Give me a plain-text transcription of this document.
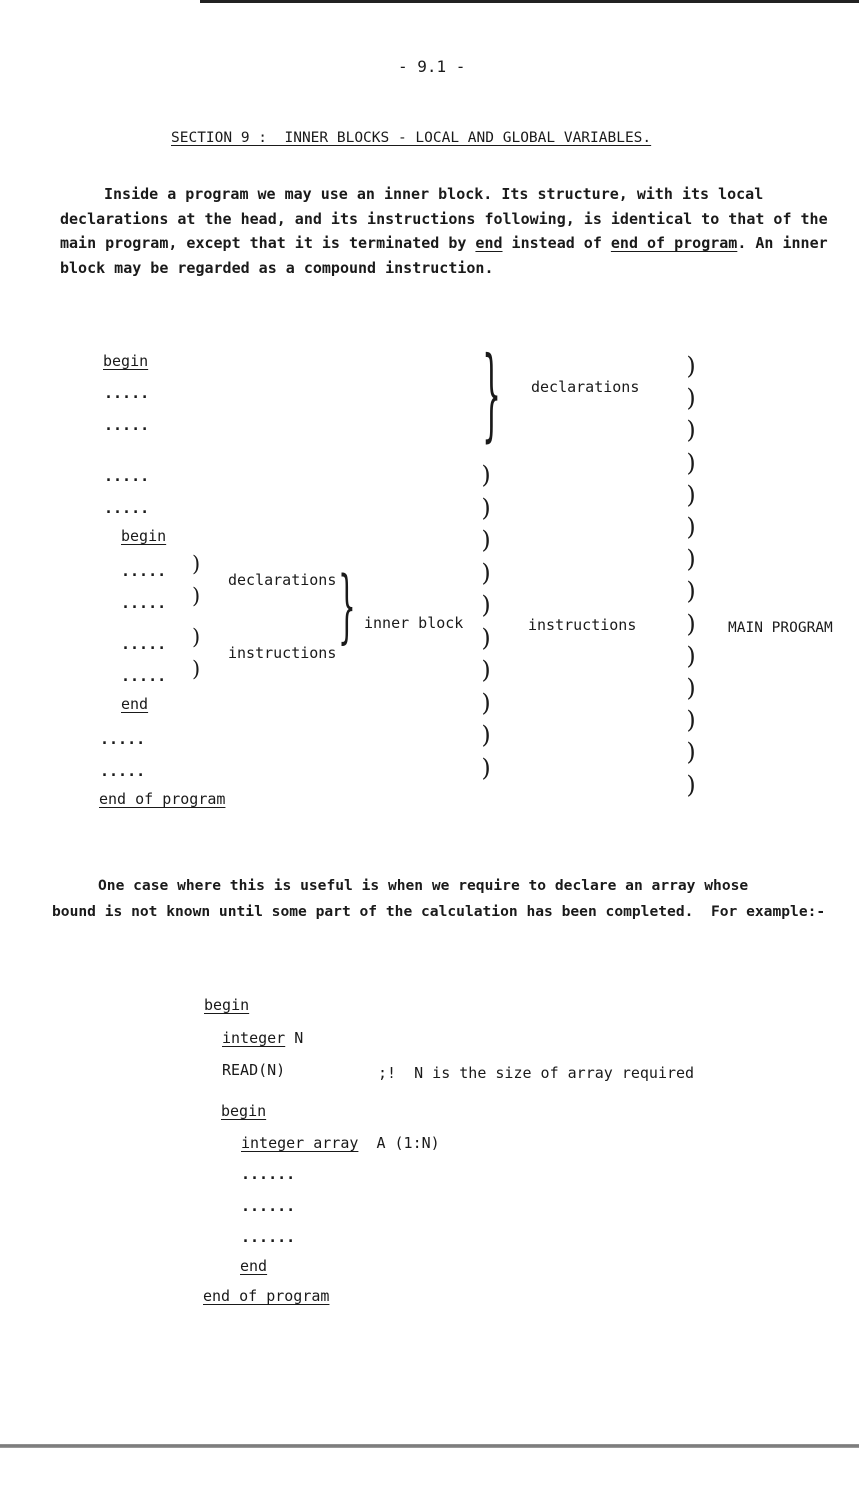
- 9.1 -
SECTION 9 :  INNER BLOCKS - LOCAL AND GLOBAL VARIABLES.
Inside a program we may use an inner block. Its structure, with its local declarations at the head, and its instructions following, is identical to that of the main program, except that it is terminated by end instead of end of program. An inner block may be regarded as a compound instruction.
begin
.....
.....
.....
.....
begin
.....
.....
.....
.....
end
.....
.....
end of program
)
)
)
)
declarations
instructions
} inner block
} declarations
)
)
)
)
)
)
)
)
)
)
instructions
)
)
)
)
)
)
)
)
)
)
)
)
)
)
MAIN PROGRAM
One case where this is useful is when we require to declare an array whose
bound is not known until some part of the calculation has been completed.  For example:-
begin
integer N
READ(N)	;!  N is the size of array required
begin
integer array  A (1:N)
......
......
......
end
end of program
